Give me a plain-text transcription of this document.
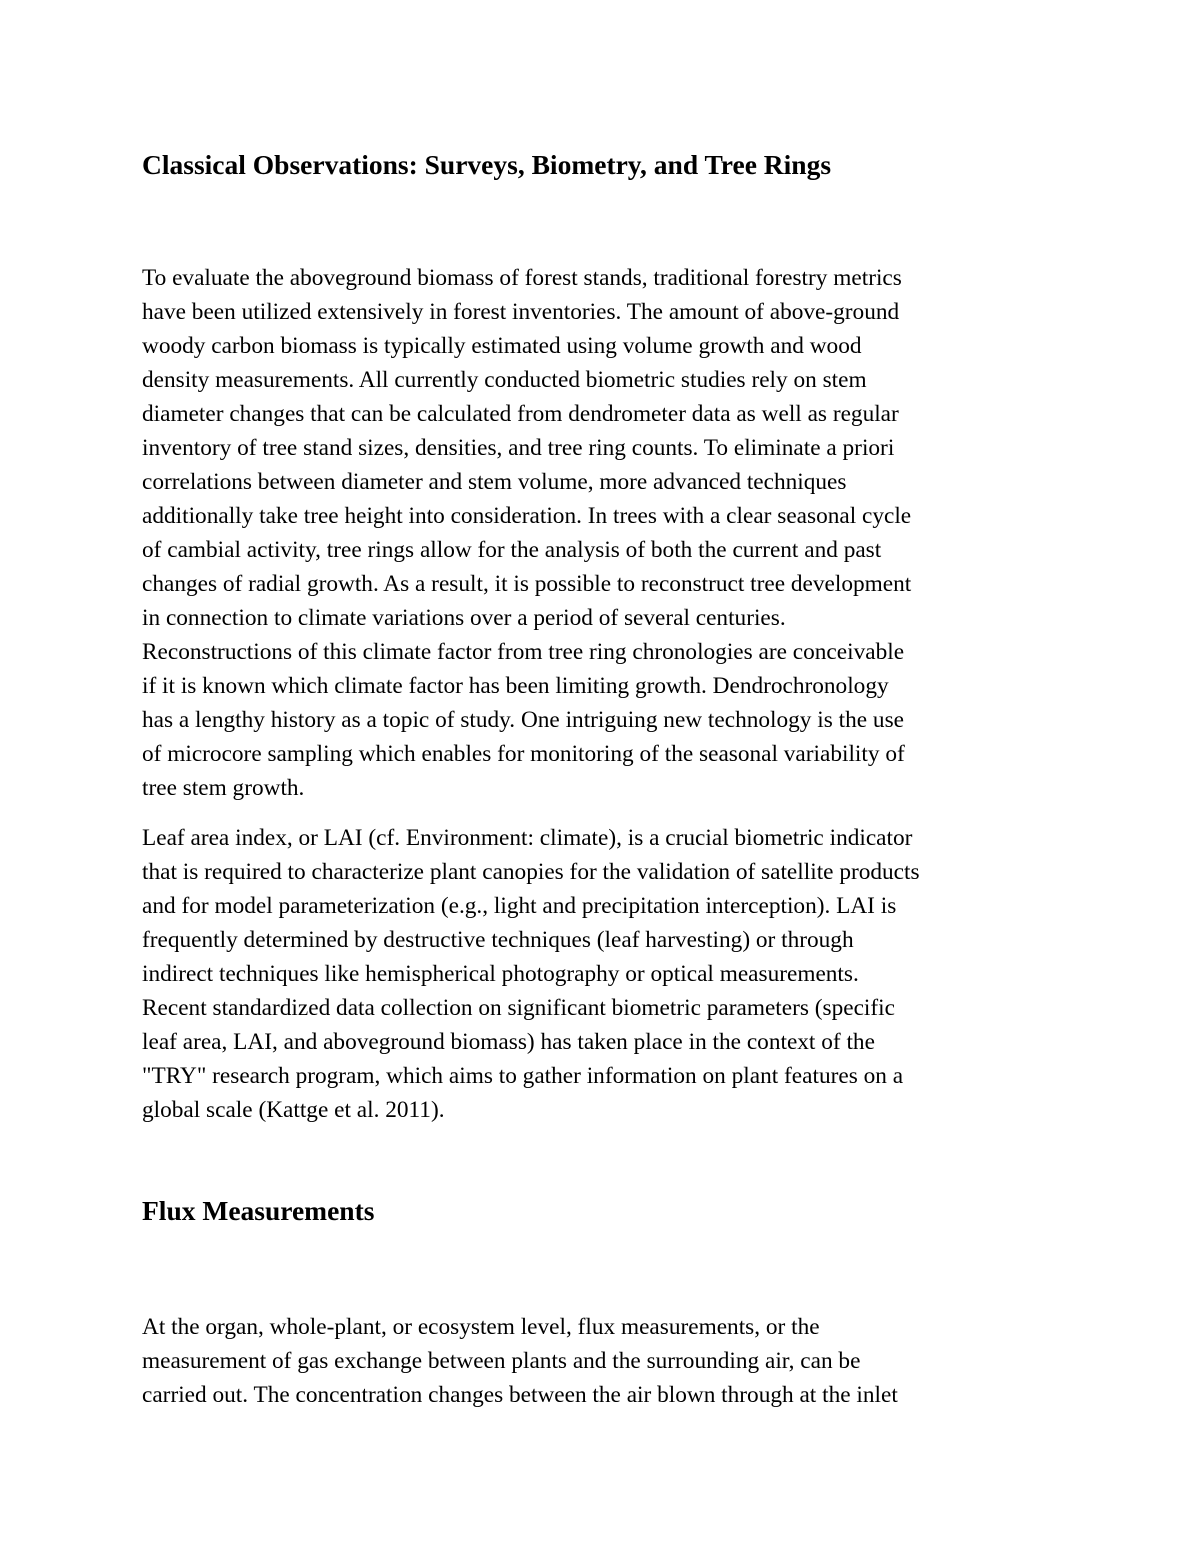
Classical Observations: Surveys, Biometry, and Tree Rings

To evaluate the aboveground biomass of forest stands, traditional forestry metrics
have been utilized extensively in forest inventories. The amount of above-ground
woody carbon biomass is typically estimated using volume growth and wood
density measurements. All currently conducted biometric studies rely on stem
diameter changes that can be calculated from dendrometer data as well as regular
inventory of tree stand sizes, densities, and tree ring counts. To eliminate a priori
correlations between diameter and stem volume, more advanced techniques
additionally take tree height into consideration. In trees with a clear seasonal cycle
of cambial activity, tree rings allow for the analysis of both the current and past
changes of radial growth. As a result, it is possible to reconstruct tree development
in connection to climate variations over a period of several centuries.
Reconstructions of this climate factor from tree ring chronologies are conceivable
if it is known which climate factor has been limiting growth. Dendrochronology
has a lengthy history as a topic of study. One intriguing new technology is the use
of microcore sampling which enables for monitoring of the seasonal variability of
tree stem growth.

Leaf area index, or LAI (cf. Environment: climate), is a crucial biometric indicator
that is required to characterize plant canopies for the validation of satellite products
and for model parameterization (e.g., light and precipitation interception). LAI is
frequently determined by destructive techniques (leaf harvesting) or through
indirect techniques like hemispherical photography or optical measurements.
Recent standardized data collection on significant biometric parameters (specific
leaf area, LAI, and aboveground biomass) has taken place in the context of the
"TRY" research program, which aims to gather information on plant features on a
global scale (Kattge et al. 2011).

Flux Measurements

At the organ, whole-plant, or ecosystem level, flux measurements, or the
measurement of gas exchange between plants and the surrounding air, can be
carried out. The concentration changes between the air blown through at the inlet
